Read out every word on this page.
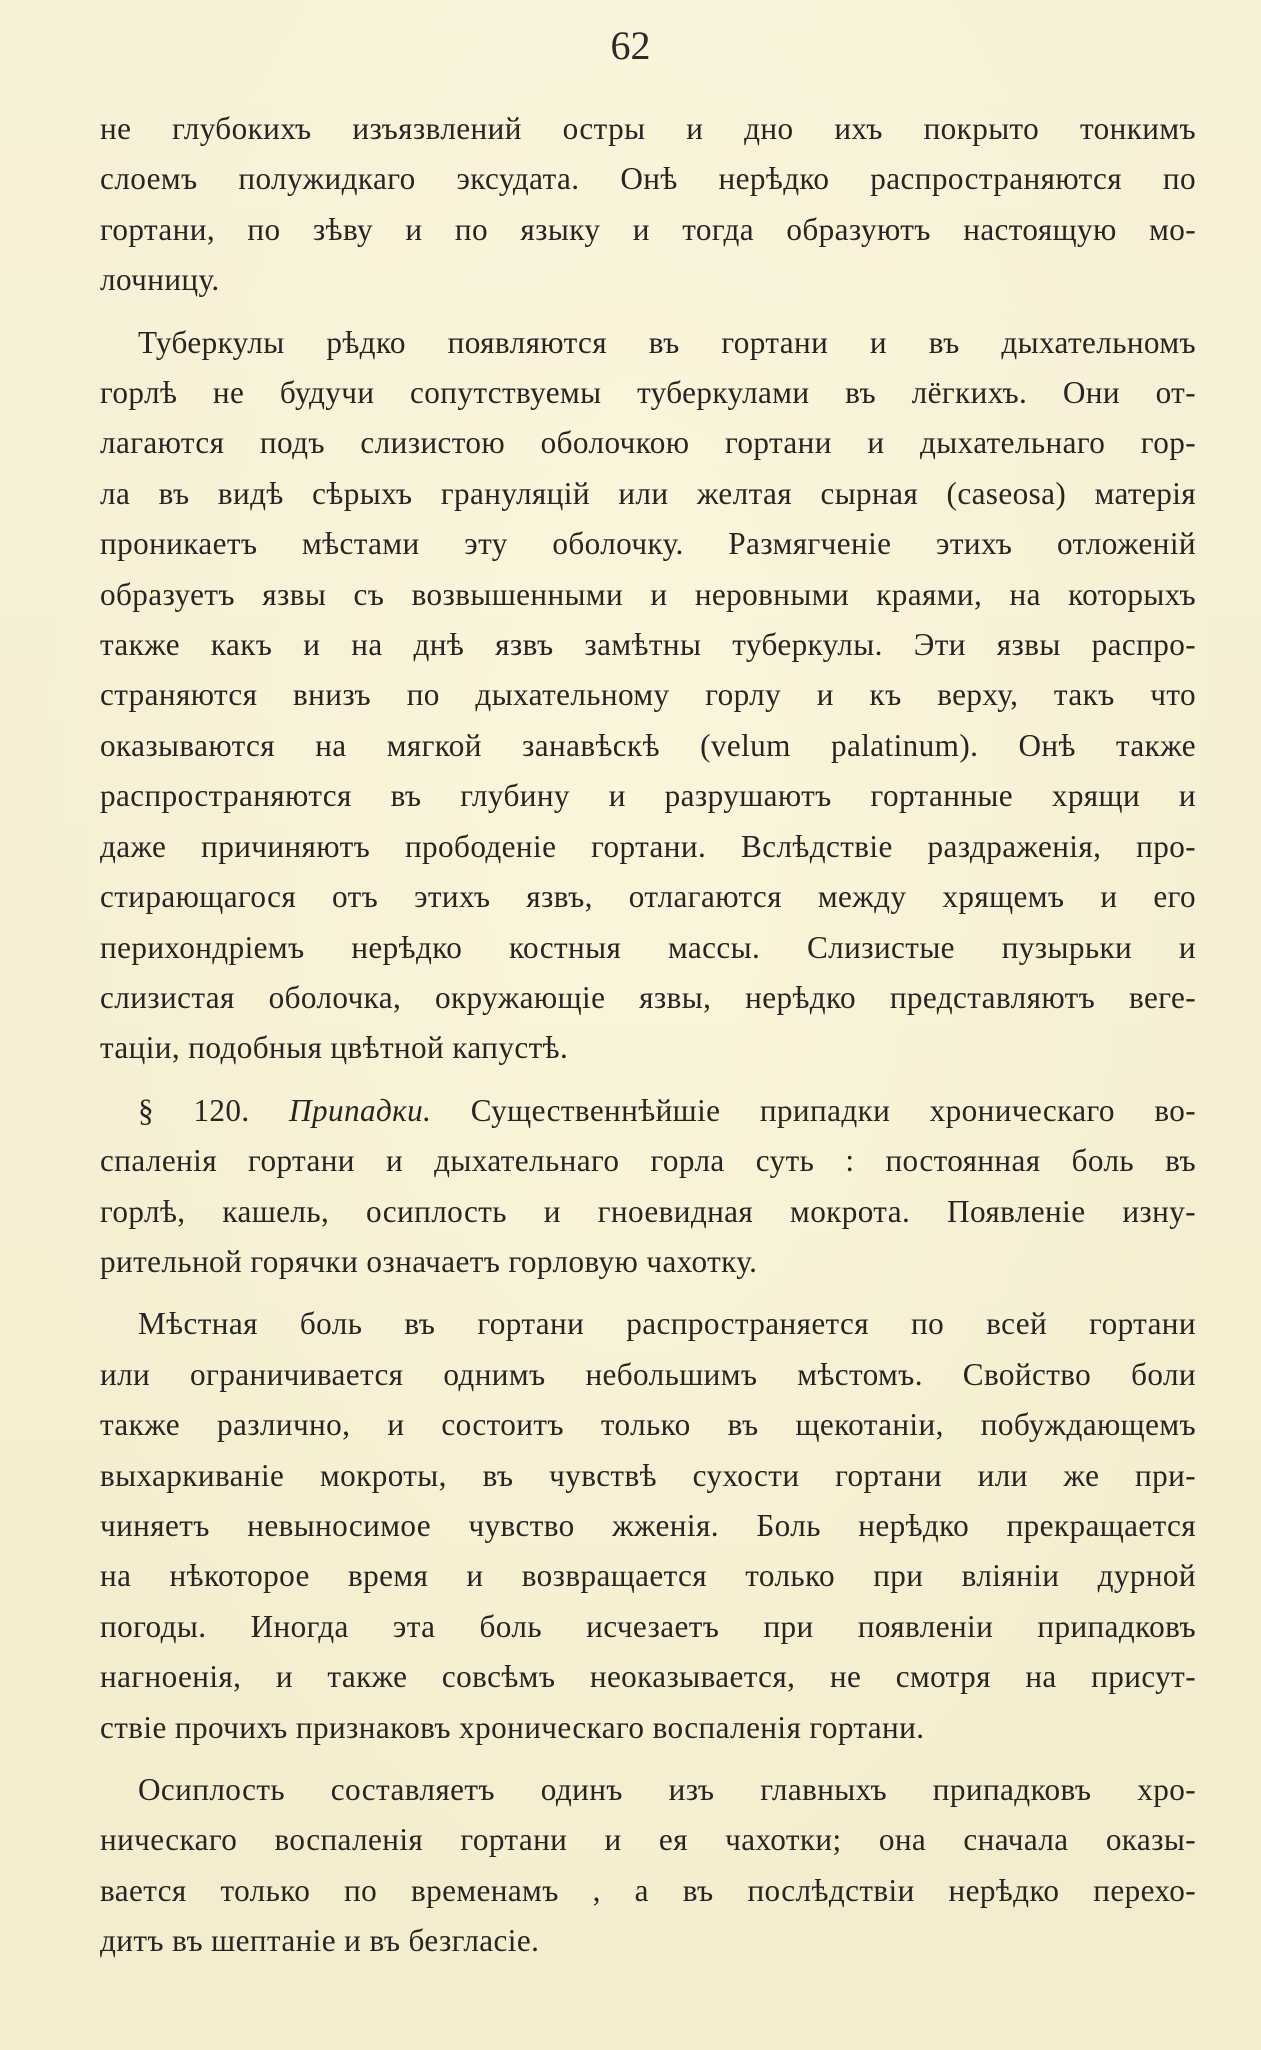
62

не глубокихъ изъязвлений остры и дно ихъ покрыто тонкимъ
слоемъ полужидкаго эксудата. Онѣ нерѣдко распространяются по
гортани, по зѣву и по языку и тогда образуютъ настоящую мо-
лочницу.

Туберкулы рѣдко появляются въ гортани и въ дыхательномъ
горлѣ не будучи сопутствуемы туберкулами въ лёгкихъ. Они от-
лагаются подъ слизистою оболочкою гортани и дыхательнаго гор-
ла въ видѣ сѣрыхъ грануляцій или желтая сырная (caseosa) матерія
проникаетъ мѣстами эту оболочку. Размягченіе этихъ отложеній
образуетъ язвы съ возвышенными и неровными краями, на которыхъ
также какъ и на днѣ язвъ замѣтны туберкулы. Эти язвы распро-
страняются внизъ по дыхательному горлу и къ верху, такъ что
оказываются на мягкой занавѣскѣ (velum palatinum). Онѣ также
распространяются въ глубину и разрушаютъ гортанные хрящи и
даже причиняютъ прободеніе гортани. Вслѣдствіе раздраженія, про-
стирающагося отъ этихъ язвъ, отлагаются между хрящемъ и его
перихондріемъ нерѣдко костныя массы. Слизистые пузырьки и
слизистая оболочка, окружающіе язвы, нерѣдко представляютъ веге-
таціи, подобныя цвѣтной капустѣ.

§ 120. Припадки. Существеннѣйшіе припадки хроническаго во-
спаленія гортани и дыхательнаго горла суть : постоянная боль въ
горлѣ, кашель, осиплость и гноевидная мокрота. Появленіе изну-
рительной горячки означаетъ горловую чахотку.

Мѣстная боль въ гортани распространяется по всей гортани
или ограничивается однимъ небольшимъ мѣстомъ. Свойство боли
также различно, и состоитъ только въ щекотаніи, побуждающемъ
выхаркиваніе мокроты, въ чувствѣ сухости гортани или же при-
чиняетъ невыносимое чувство жженія. Боль нерѣдко прекращается
на нѣкоторое время и возвращается только при вліяніи дурной
погоды. Иногда эта боль исчезаетъ при появленіи припадковъ
нагноенія, и также совсѣмъ неоказывается, не смотря на присут-
ствіе прочихъ признаковъ хроническаго воспаленія гортани.

Осиплость составляетъ одинъ изъ главныхъ припадковъ хро-
ническаго воспаленія гортани и ея чахотки; она сначала оказы-
вается только по временамъ , а въ послѣдствіи нерѣдко перехо-
дитъ въ шептаніе и въ безгласіе.
